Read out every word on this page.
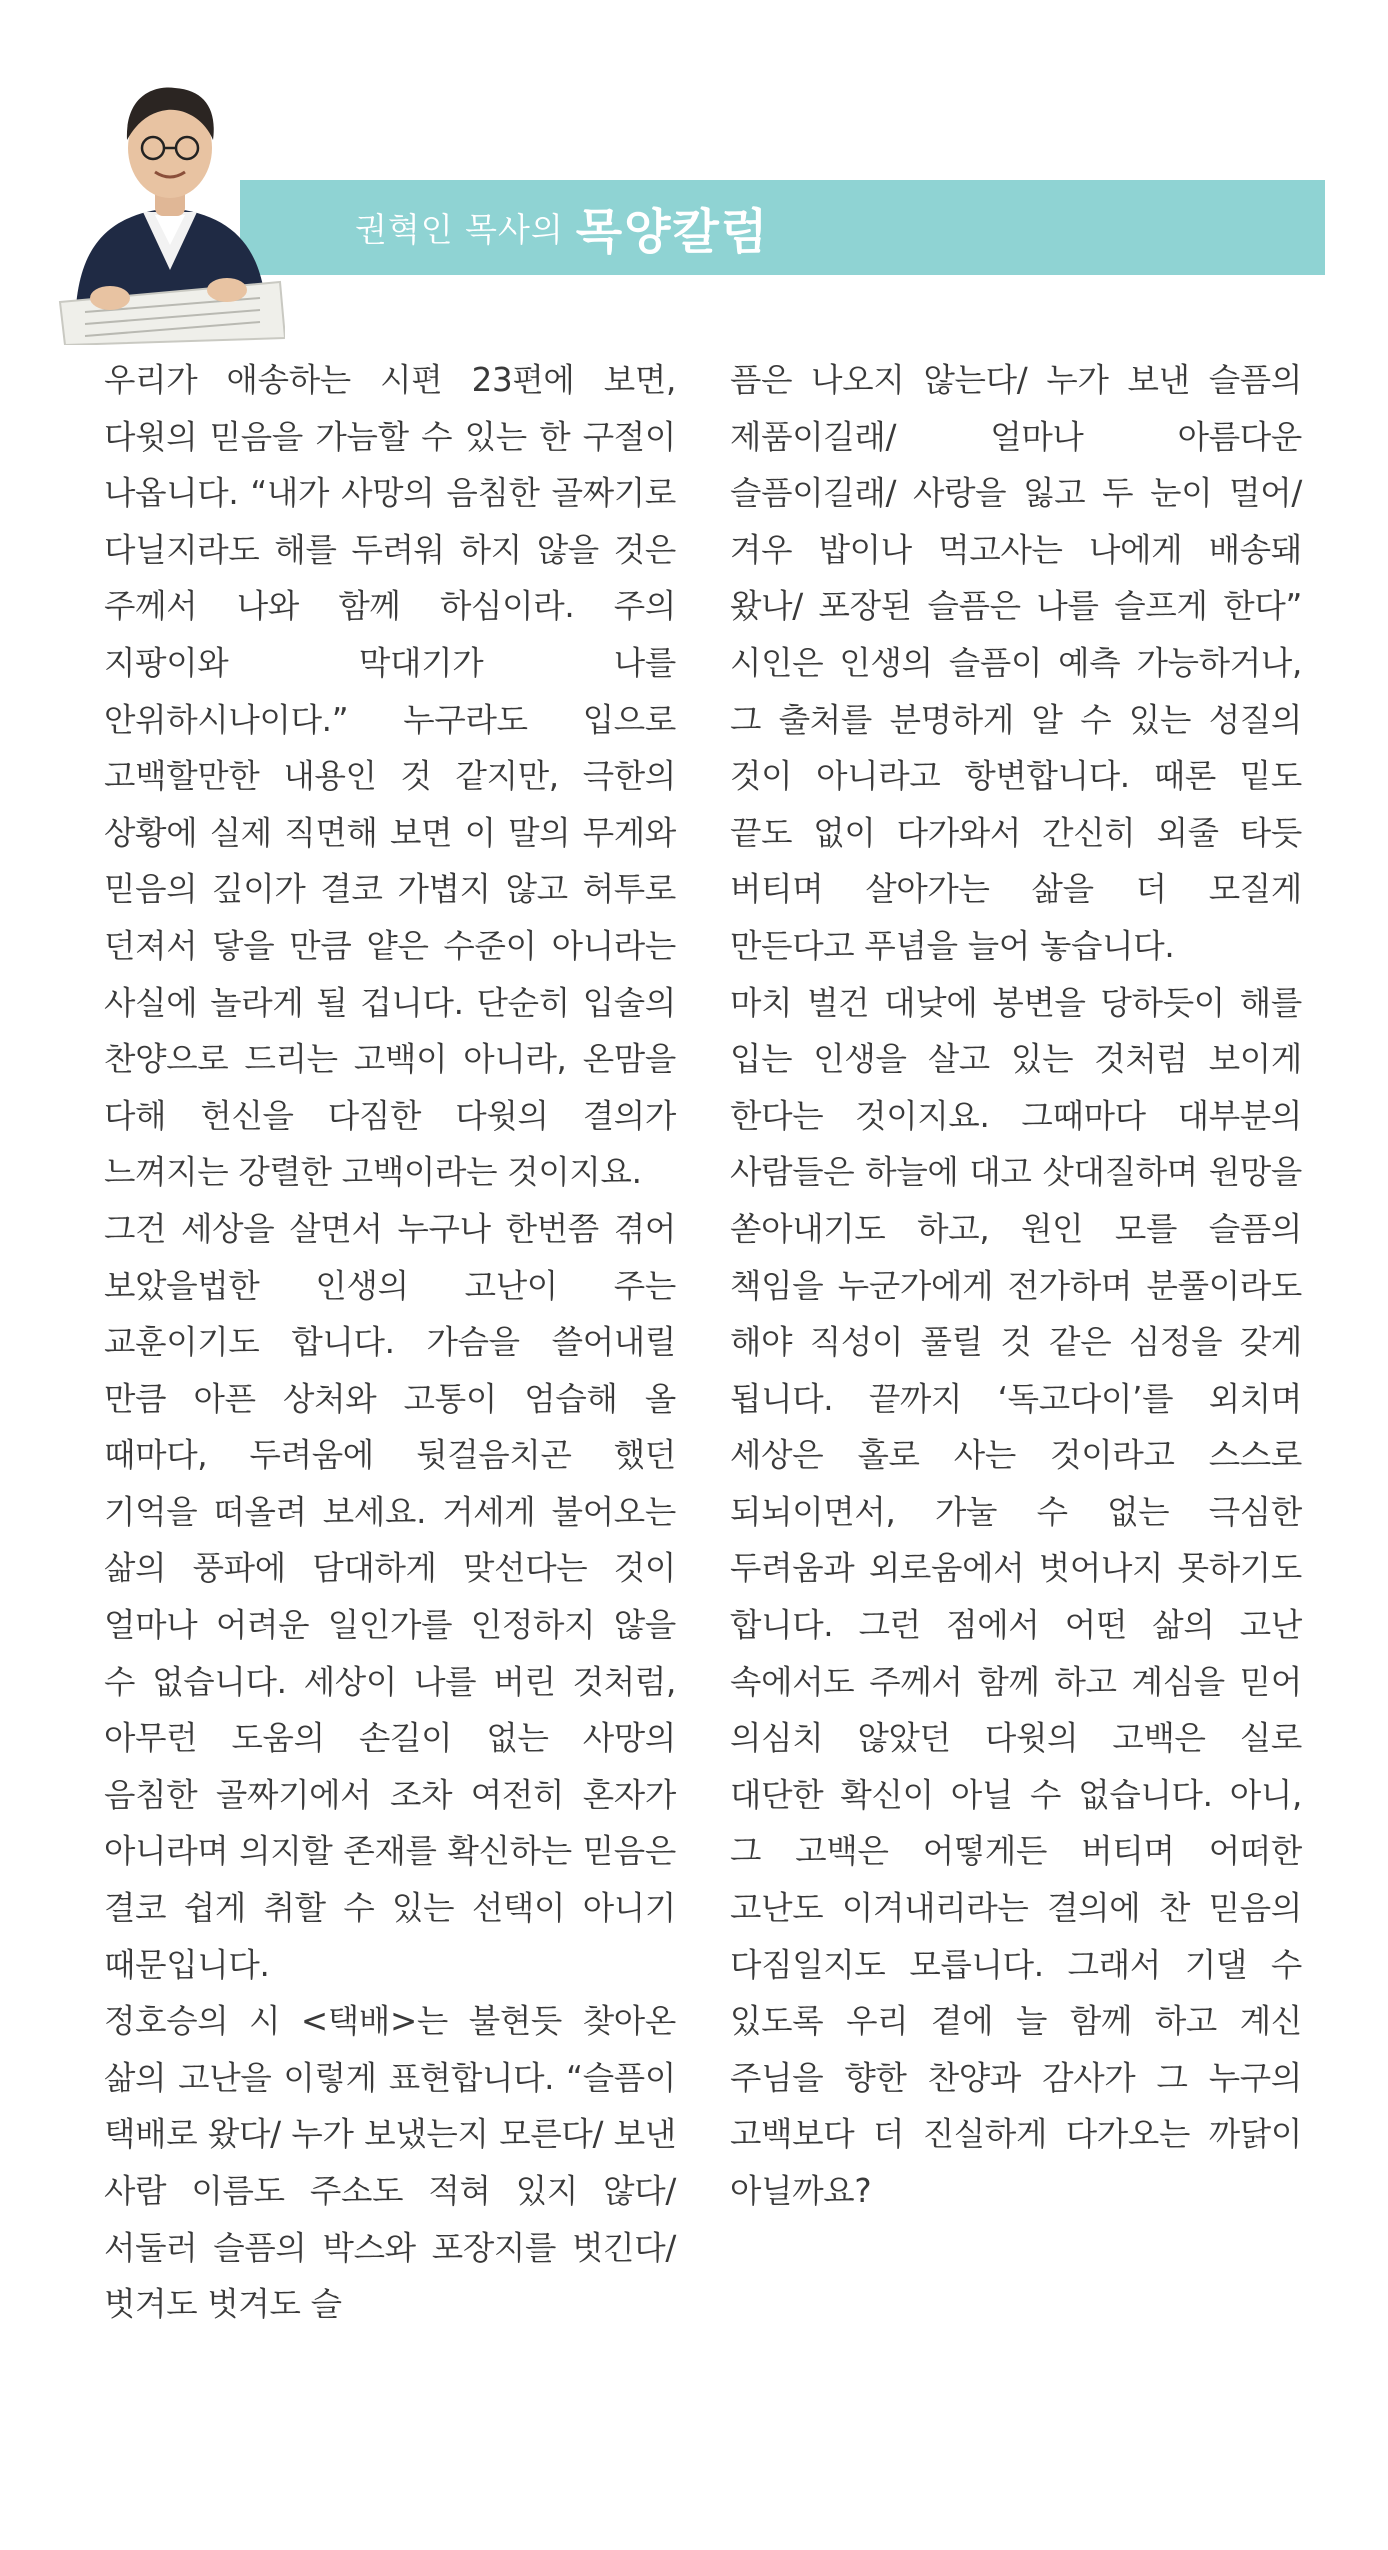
권혁인 목사의 목양칼럼

우리가 애송하는 시편 23편에 보면, 다윗의 믿음을 가늠할 수 있는 한 구절이 나옵니다. “내가 사망의 음침한 골짜기로 다닐지라도 해를 두려워 하지 않을 것은 주께서 나와 함께 하심이라. 주의 지팡이와 막대기가 나를 안위하시나이다.” 누구라도 입으로 고백할만한 내용인 것 같지만, 극한의 상황에 실제 직면해 보면 이 말의 무게와 믿음의 깊이가 결코 가볍지 않고 허투로 던져서 닿을 만큼 얕은 수준이 아니라는 사실에 놀라게 될 겁니다. 단순히 입술의 찬양으로 드리는 고백이 아니라, 온맘을 다해 헌신을 다짐한 다윗의 결의가 느껴지는 강렬한 고백이라는 것이지요.

그건 세상을 살면서 누구나 한번쯤 겪어 보았을법한 인생의 고난이 주는 교훈이기도 합니다. 가슴을 쓸어내릴 만큼 아픈 상처와 고통이 엄습해 올 때마다, 두려움에 뒷걸음치곤 했던 기억을 떠올려 보세요. 거세게 불어오는 삶의 풍파에 담대하게 맞선다는 것이 얼마나 어려운 일인가를 인정하지 않을 수 없습니다. 세상이 나를 버린 것처럼, 아무런 도움의 손길이 없는 사망의 음침한 골짜기에서 조차 여전히 혼자가 아니라며 의지할 존재를 확신하는 믿음은 결코 쉽게 취할 수 있는 선택이 아니기 때문입니다.

정호승의 시 <택배>는 불현듯 찾아온 삶의 고난을 이렇게 표현합니다. “슬픔이 택배로 왔다/ 누가 보냈는지 모른다/ 보낸 사람 이름도 주소도 적혀 있지 않다/ 서둘러 슬픔의 박스와 포장지를 벗긴다/ 벗겨도 벗겨도 슬

픔은 나오지 않는다/ 누가 보낸 슬픔의 제품이길래/ 얼마나 아름다운 슬픔이길래/ 사랑을 잃고 두 눈이 멀어/ 겨우 밥이나 먹고사는 나에게 배송돼 왔나/ 포장된 슬픔은 나를 슬프게 한다” 시인은 인생의 슬픔이 예측 가능하거나, 그 출처를 분명하게 알 수 있는 성질의 것이 아니라고 항변합니다. 때론 밑도 끝도 없이 다가와서 간신히 외줄 타듯 버티며 살아가는 삶을 더 모질게 만든다고 푸념을 늘어 놓습니다.

마치 벌건 대낮에 봉변을 당하듯이 해를 입는 인생을 살고 있는 것처럼 보이게 한다는 것이지요. 그때마다 대부분의 사람들은 하늘에 대고 삿대질하며 원망을 쏟아내기도 하고, 원인 모를 슬픔의 책임을 누군가에게 전가하며 분풀이라도 해야 직성이 풀릴 것 같은 심정을 갖게 됩니다. 끝까지 ‘독고다이’를 외치며 세상은 홀로 사는 것이라고 스스로 되뇌이면서, 가눌 수 없는 극심한 두려움과 외로움에서 벗어나지 못하기도 합니다. 그런 점에서 어떤 삶의 고난 속에서도 주께서 함께 하고 계심을 믿어 의심치 않았던 다윗의 고백은 실로 대단한 확신이 아닐 수 없습니다. 아니, 그 고백은 어떻게든 버티며 어떠한 고난도 이겨내리라는 결의에 찬 믿음의 다짐일지도 모릅니다. 그래서 기댈 수 있도록 우리 곁에 늘 함께 하고 계신 주님을 향한 찬양과 감사가 그 누구의 고백보다 더 진실하게 다가오는 까닭이 아닐까요?
